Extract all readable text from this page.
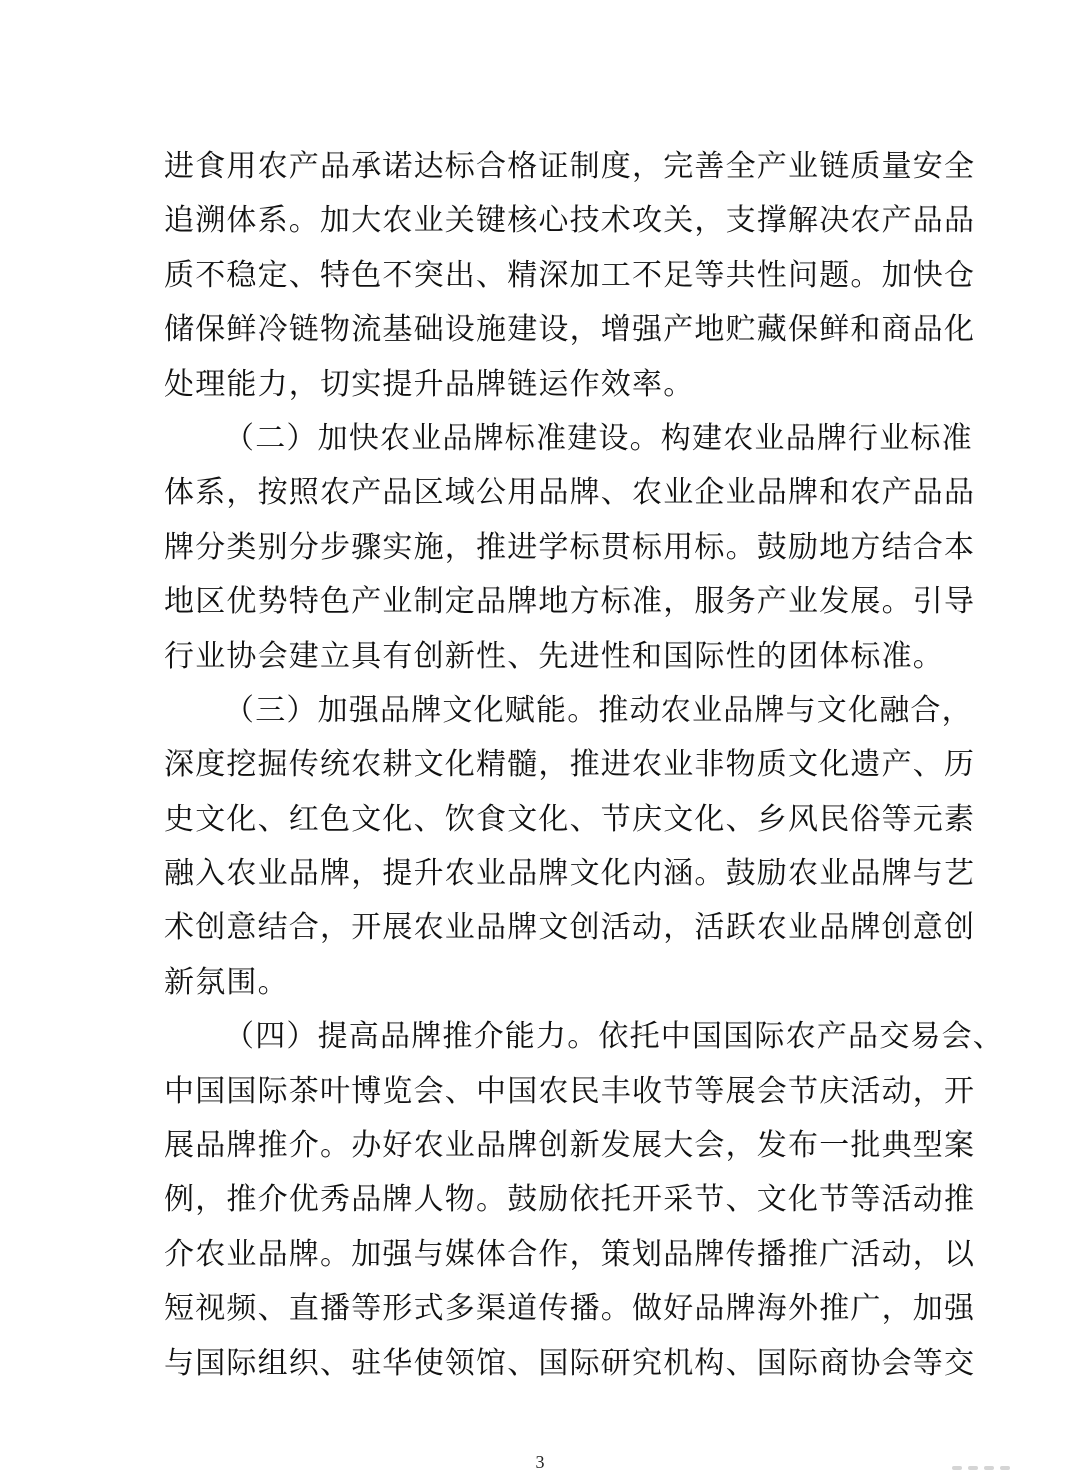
进食用农产品承诺达标合格证制度，完善全产业链质量安全
追溯体系。加大农业关键核心技术攻关，支撑解决农产品品
质不稳定、特色不突出、精深加工不足等共性问题。加快仓
储保鲜冷链物流基础设施建设，增强产地贮藏保鲜和商品化
处理能力，切实提升品牌链运作效率。
（二）加快农业品牌标准建设。构建农业品牌行业标准
体系，按照农产品区域公用品牌、农业企业品牌和农产品品
牌分类别分步骤实施，推进学标贯标用标。鼓励地方结合本
地区优势特色产业制定品牌地方标准，服务产业发展。引导
行业协会建立具有创新性、先进性和国际性的团体标准。
（三）加强品牌文化赋能。推动农业品牌与文化融合，
深度挖掘传统农耕文化精髓，推进农业非物质文化遗产、历
史文化、红色文化、饮食文化、节庆文化、乡风民俗等元素
融入农业品牌，提升农业品牌文化内涵。鼓励农业品牌与艺
术创意结合，开展农业品牌文创活动，活跃农业品牌创意创
新氛围。
（四）提高品牌推介能力。依托中国国际农产品交易会、
中国国际茶叶博览会、中国农民丰收节等展会节庆活动，开
展品牌推介。办好农业品牌创新发展大会，发布一批典型案
例，推介优秀品牌人物。鼓励依托开采节、文化节等活动推
介农业品牌。加强与媒体合作，策划品牌传播推广活动，以
短视频、直播等形式多渠道传播。做好品牌海外推广，加强
与国际组织、驻华使领馆、国际研究机构、国际商协会等交
3
